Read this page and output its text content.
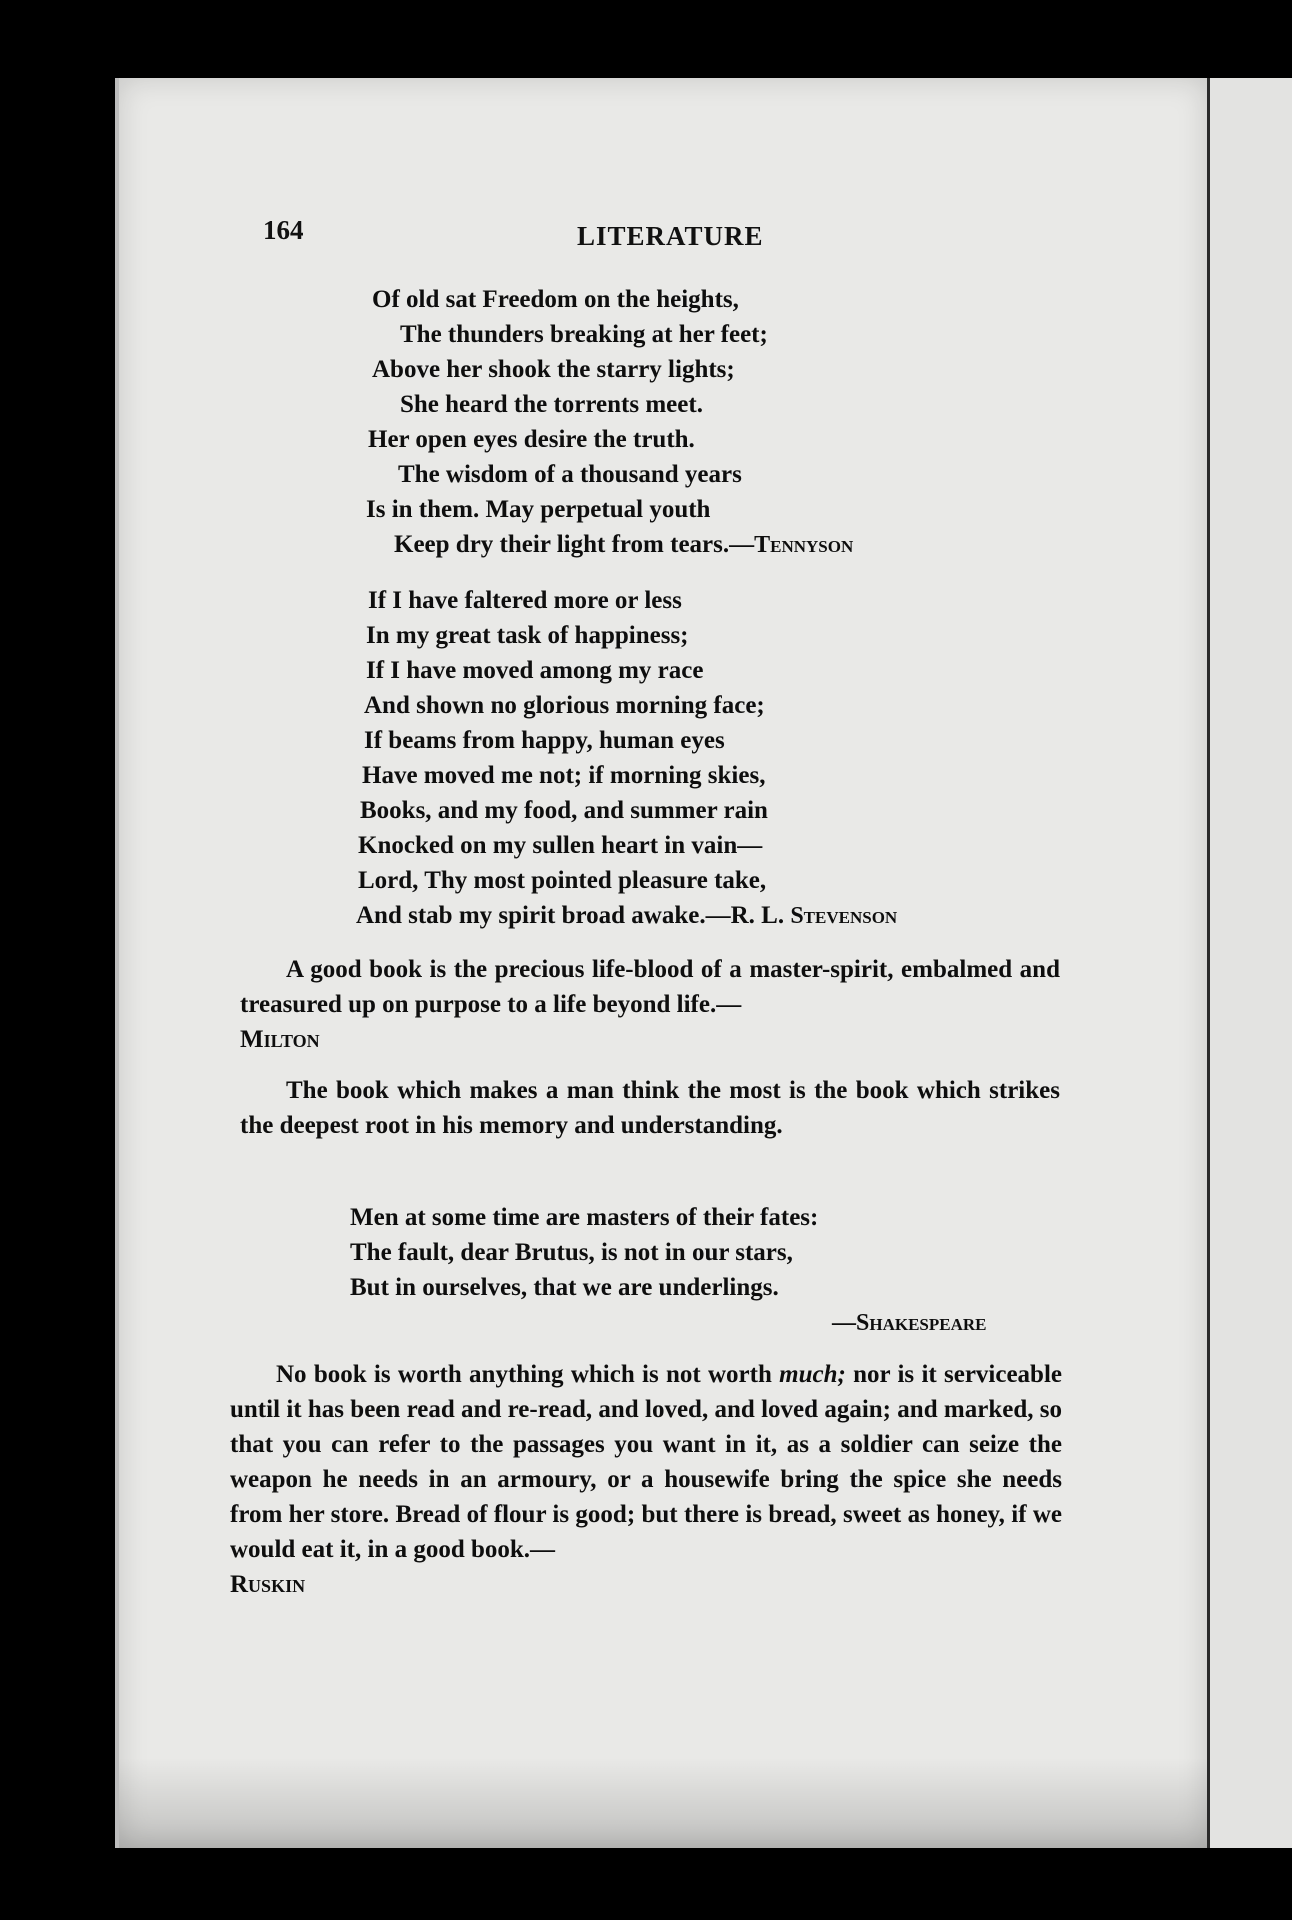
164	LITERATURE
Of old sat Freedom on the heights,
The thunders breaking at her feet;
Above her shook the starry lights;
She heard the torrents meet.
Her open eyes desire the truth.
The wisdom of a thousand years
Is in them. May perpetual youth
Keep dry their light from tears.—Tennyson
If I have faltered more or less
In my great task of happiness;
If I have moved among my race
And shown no glorious morning face;
If beams from happy, human eyes
Have moved me not; if morning skies,
Books, and my food, and summer rain
Knocked on my sullen heart in vain—
Lord, Thy most pointed pleasure take,
And stab my spirit broad awake.—R. L. Stevenson

A good book is the precious life-blood of a master-spirit, embalmed and treasured up on purpose to a life beyond life.—
Milton

The book which makes a man think the most is the book which strikes the deepest root in his memory and understanding.

Men at some time are masters of their fates:
The fault, dear Brutus, is not in our stars,
But in ourselves, that we are underlings.
—Shakespeare

No book is worth anything which is not worth much; nor is it serviceable until it has been read and re-read, and loved, and loved again; and marked, so that you can refer to the passages you want in it, as a soldier can seize the weapon he needs in an armoury, or a housewife bring the spice she needs from her store. Bread of flour is good; but there is bread, sweet as honey, if we would eat it, in a good book.—
Ruskin
